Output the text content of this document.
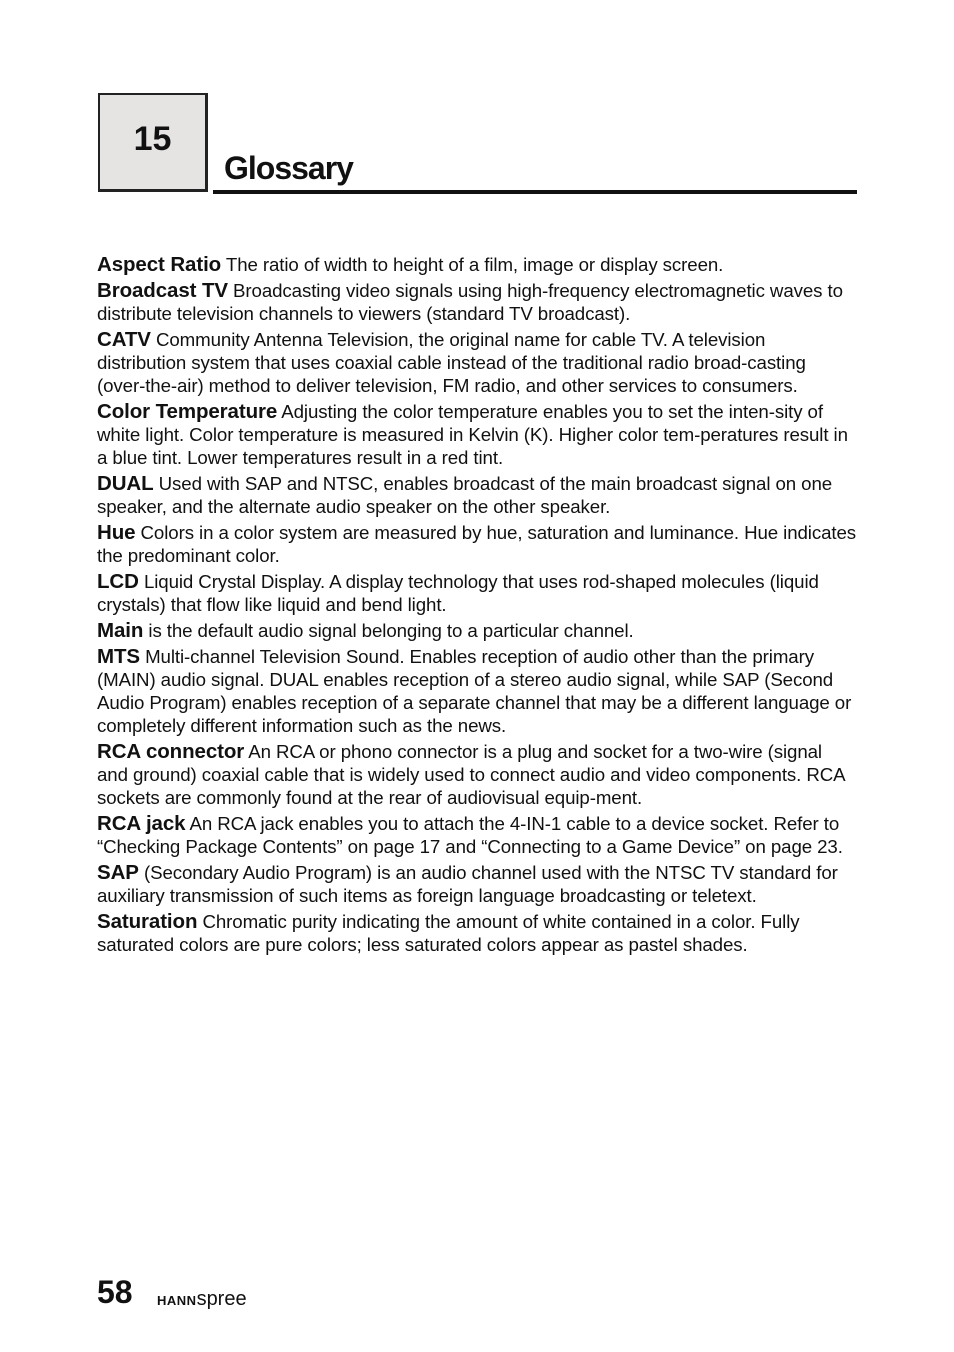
15
Glossary

Aspect Ratio The ratio of width to height of a film, image or display screen.

Broadcast TV Broadcasting video signals using high-frequency electromagnetic waves to distribute television channels to viewers (standard TV broadcast).

CATV Community Antenna Television, the original name for cable TV. A television distribution system that uses coaxial cable instead of the traditional radio broad-casting (over-the-air) method to deliver television, FM radio, and other services to consumers.

Color Temperature Adjusting the color temperature enables you to set the inten-sity of white light. Color temperature is measured in Kelvin (K). Higher color tem-peratures result in a blue tint. Lower temperatures result in a red tint.

DUAL Used with SAP and NTSC, enables broadcast of the main broadcast signal on one speaker, and the alternate audio speaker on the other speaker.

Hue Colors in a color system are measured by hue, saturation and luminance. Hue indicates the predominant color.

LCD Liquid Crystal Display. A display technology that uses rod-shaped molecules (liquid crystals) that flow like liquid and bend light.

Main is the default audio signal belonging to a particular channel.

MTS Multi-channel Television Sound. Enables reception of audio other than the primary (MAIN) audio signal. DUAL enables reception of a stereo audio signal, while SAP (Second Audio Program) enables reception of a separate channel that may be a different language or completely different information such as the news.

RCA connector An RCA or phono connector is a plug and socket for a two-wire (signal and ground) coaxial cable that is widely used to connect audio and video components. RCA sockets are commonly found at the rear of audiovisual equip-ment.

RCA jack An RCA jack enables you to attach the 4-IN-1 cable to a device socket. Refer to “Checking Package Contents” on page 17 and “Connecting to a Game Device” on page 23.

SAP (Secondary Audio Program) is an audio channel used with the NTSC TV standard for auxiliary transmission of such items as foreign language broadcasting or teletext.

Saturation Chromatic purity indicating the amount of white contained in a color. Fully saturated colors are pure colors; less saturated colors appear as pastel shades.

58 HANNspree
